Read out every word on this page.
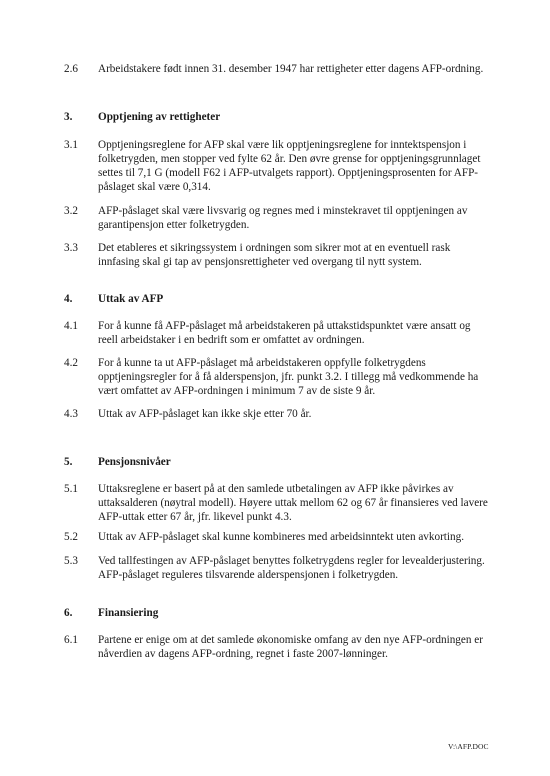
2.6	Arbeidstakere født innen 31. desember 1947 har rettigheter etter dagens AFP-ordning.
3.	Opptjening av rettigheter
3.1	Opptjeningsreglene for AFP skal være lik opptjeningsreglene for inntektspensjon i
folketrygden, men stopper ved fylte 62 år. Den øvre grense for opptjeningsgrunnlaget
settes til 7,1 G (modell F62 i AFP-utvalgets rapport). Opptjeningsprosenten for AFP-
påslaget skal være 0,314.
3.2	AFP-påslaget skal være livsvarig og regnes med i minstekravet til opptjeningen av
garantipensjon etter folketrygden.
3.3	Det etableres et sikringssystem i ordningen som sikrer mot at en eventuell rask
innfasing skal gi tap av pensjonsrettigheter ved overgang til nytt system.
4.	Uttak av AFP
4.1	For å kunne få AFP-påslaget må arbeidstakeren på uttakstidspunktet være ansatt og
reell arbeidstaker i en bedrift som er omfattet av ordningen.
4.2	For å kunne ta ut AFP-påslaget må arbeidstakeren oppfylle folketrygdens
opptjeningsregler for å få alderspensjon, jfr. punkt 3.2. I tillegg må vedkommende ha
vært omfattet av AFP-ordningen i minimum 7 av de siste 9 år.
4.3	Uttak av AFP-påslaget kan ikke skje etter 70 år.
5.	Pensjonsnivåer
5.1	Uttaksreglene er basert på at den samlede utbetalingen av AFP ikke påvirkes av
uttaksalderen (nøytral modell). Høyere uttak mellom 62 og 67 år finansieres ved lavere
AFP-uttak etter 67 år, jfr. likevel punkt 4.3.
5.2	Uttak av AFP-påslaget skal kunne kombineres med arbeidsinntekt uten avkorting.
5.3	Ved tallfestingen av AFP-påslaget benyttes folketrygdens regler for levealderjustering.
AFP-påslaget reguleres tilsvarende alderspensjonen i folketrygden.
6.	Finansiering
6.1	Partene er enige om at det samlede økonomiske omfang av den nye AFP-ordningen er
nåverdien av dagens AFP-ordning, regnet i faste 2007-lønninger.
V:\AFP.DOC
